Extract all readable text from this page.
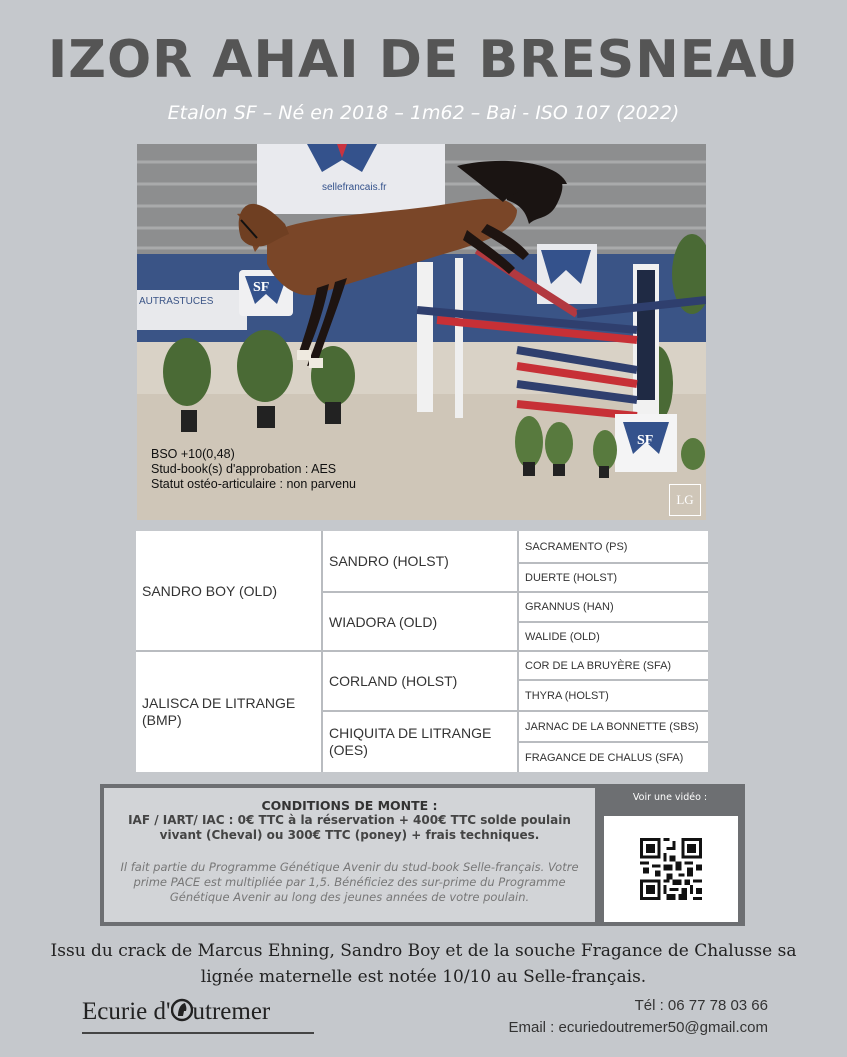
IZOR AHAI DE BRESNEAU
Etalon SF – Né en 2018 – 1m62 – Bai - ISO 107 (2022)
sellefrancais.fr
AUTRASTUCES
SF
SF
BSO +10(0,48)
Stud-book(s) d'approbation : AES
Statut ostéo-articulaire : non parvenu
LG
SANDRO BOY (OLD)
JALISCA DE LITRANGE (BMP)
SANDRO (HOLST)
WIADORA (OLD)
CORLAND (HOLST)
CHIQUITA DE LITRANGE (OES)
SACRAMENTO (PS)
DUERTE (HOLST)
GRANNUS (HAN)
WALIDE (OLD)
COR DE LA BRUYÈRE (SFA)
THYRA (HOLST)
JARNAC DE LA BONNETTE (SBS)
FRAGANCE DE CHALUS (SFA)
CONDITIONS DE MONTE :
IAF / IART/ IAC : 0€ TTC à la réservation + 400€ TTC solde poulain vivant (Cheval) ou 300€ TTC (poney) + frais techniques.
Il fait partie du Programme Génétique Avenir du stud-book Selle-français. Votre prime PACE est multipliée par 1,5. Bénéficiez des sur-prime du Programme Génétique Avenir au long des jeunes années de votre poulain.
Voir une vidéo :
Issu du crack de Marcus Ehning, Sandro Boy et de la souche Fragance de Chalusse sa lignée maternelle est notée 10/10 au Selle-français.
Ecurie d' utremer	Tél : 06 77 78 03 66
Email : ecuriedoutremer50@gmail.com
